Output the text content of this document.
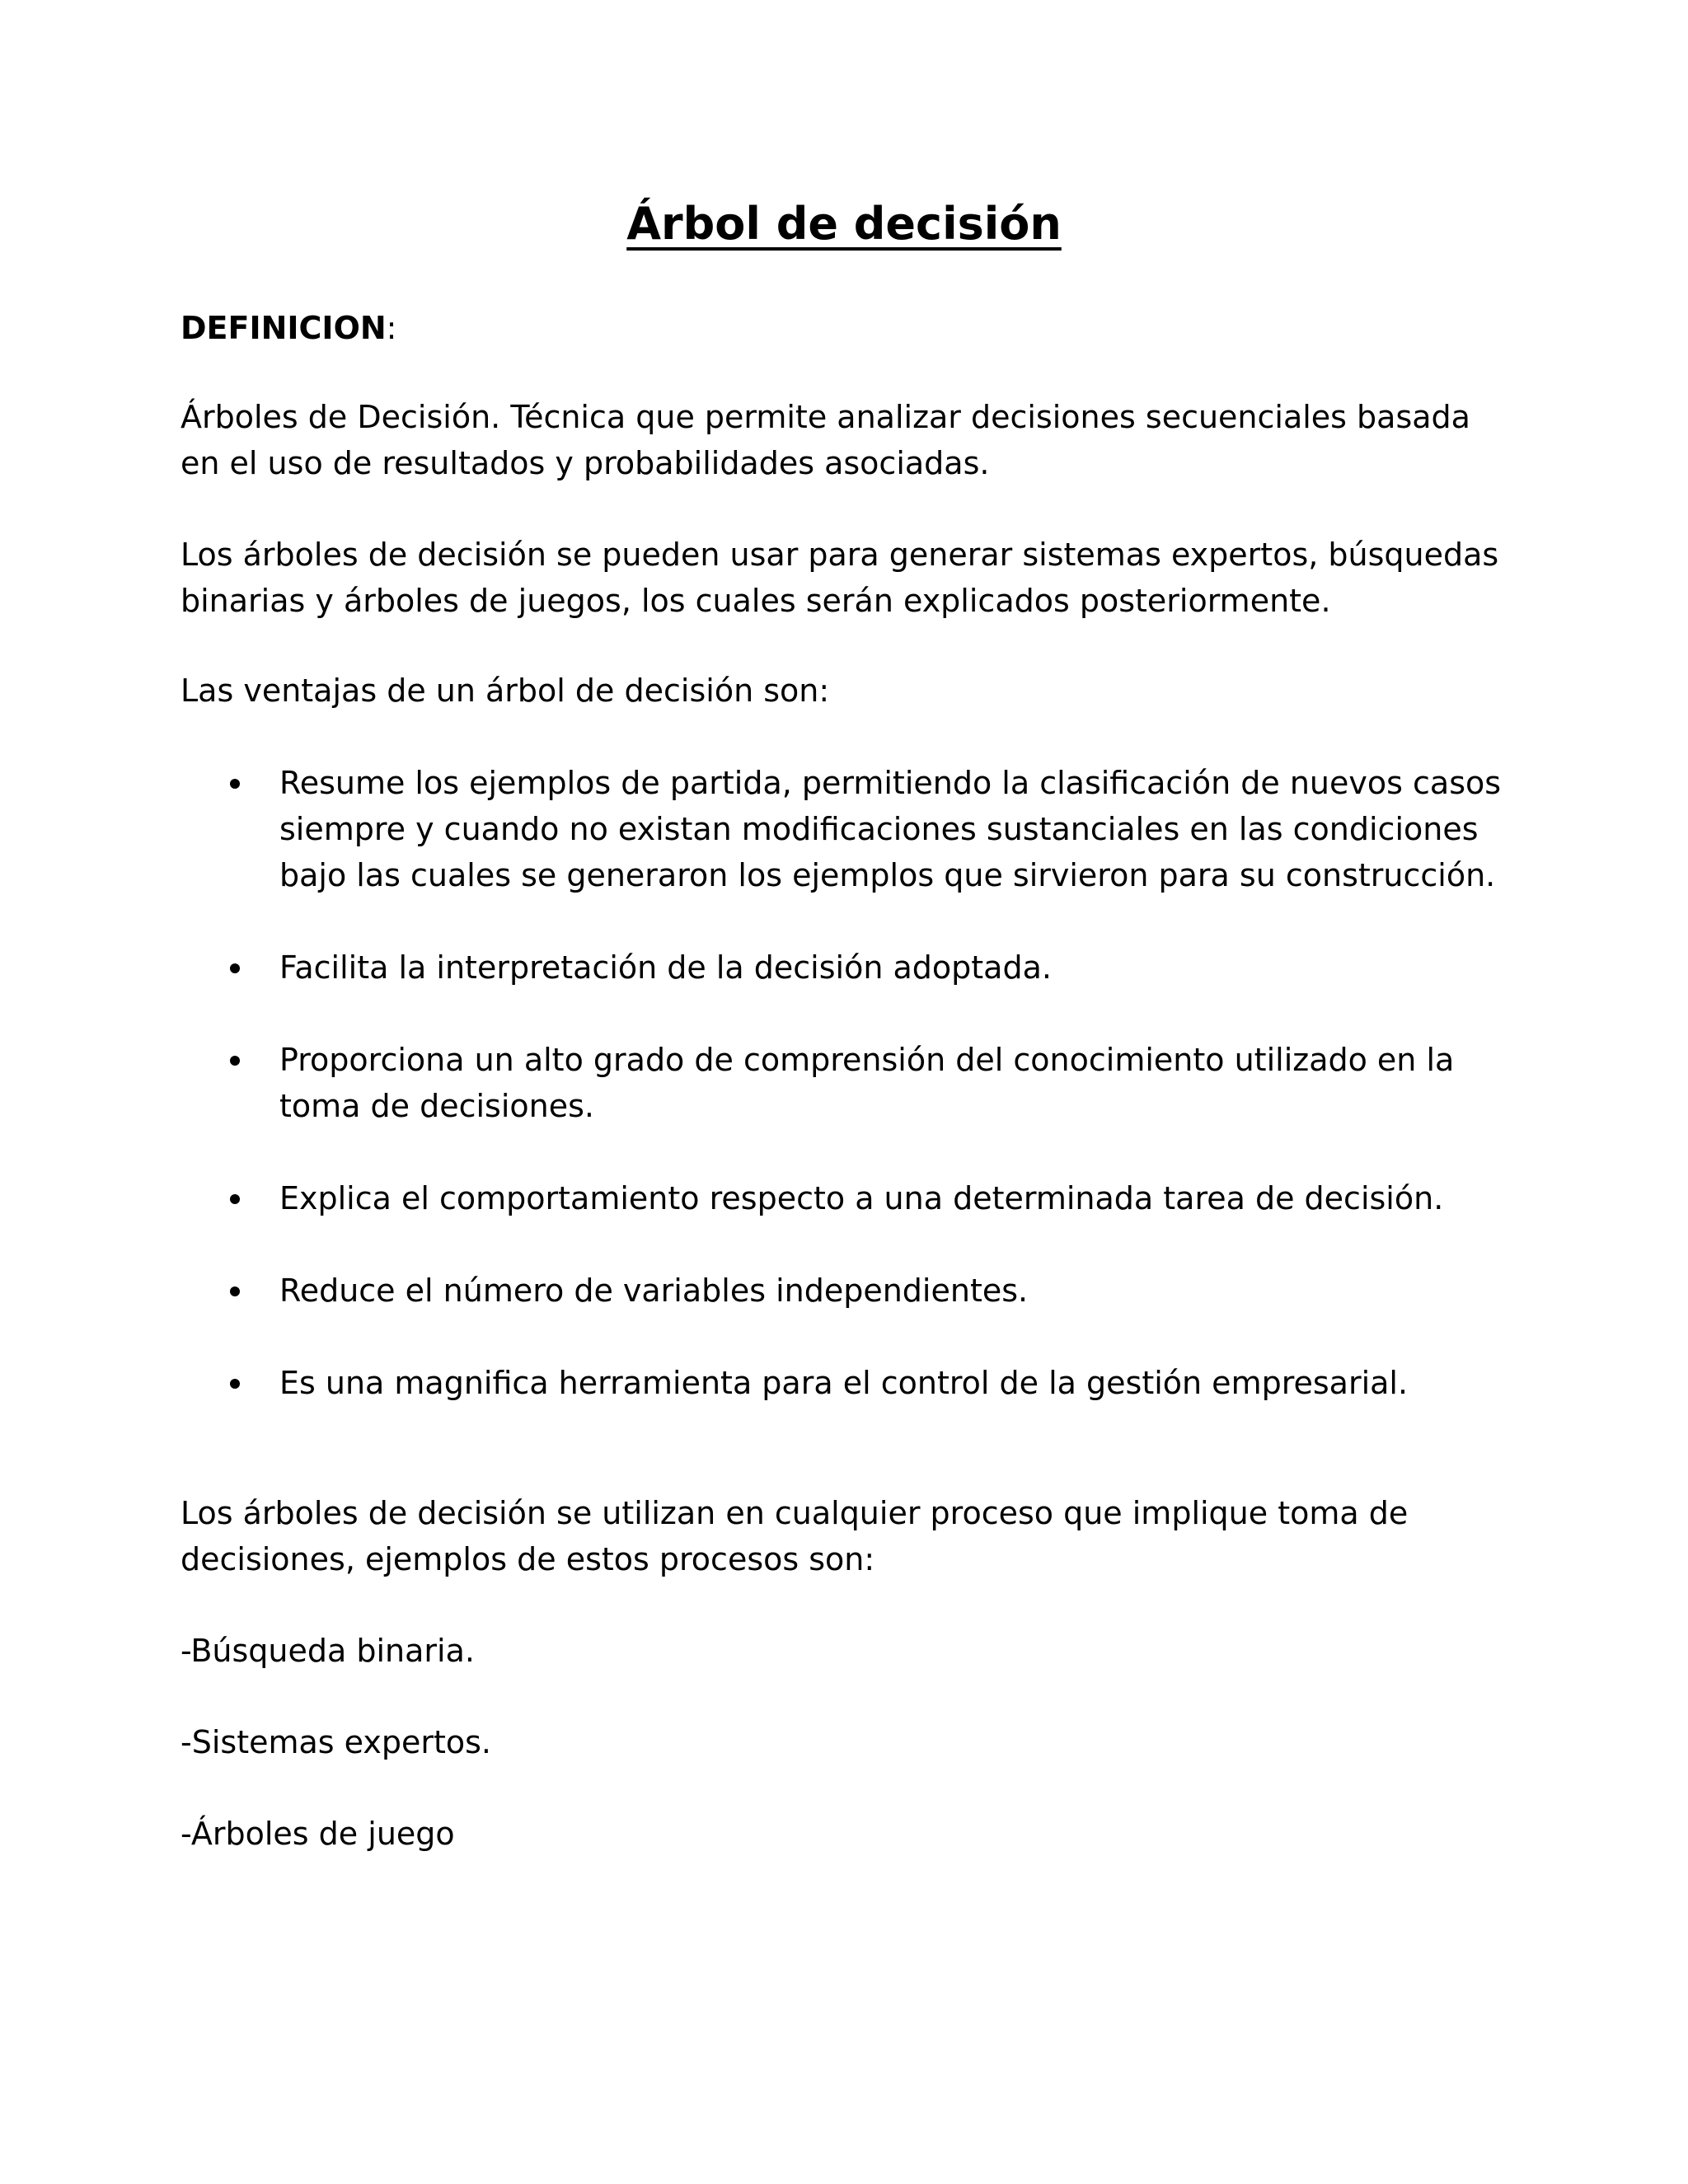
Árbol de decisión

DEFINICION:

Árboles de Decisión. Técnica que permite analizar decisiones secuenciales basada en el uso de resultados y probabilidades asociadas.

Los árboles de decisión se pueden usar para generar sistemas expertos, búsquedas binarias y árboles de juegos, los cuales serán explicados posteriormente.

Las ventajas de un árbol de decisión son:

Resume los ejemplos de partida, permitiendo la clasificación de nuevos casos siempre y cuando no existan modificaciones sustanciales en las condiciones bajo las cuales se generaron los ejemplos que sirvieron para su construcción.
Facilita la interpretación de la decisión adoptada.
Proporciona un alto grado de comprensión del conocimiento utilizado en la toma de decisiones.
Explica el comportamiento respecto a una determinada tarea de decisión.
Reduce el número de variables independientes.
Es una magnifica herramienta para el control de la gestión empresarial.

Los árboles de decisión se utilizan en cualquier proceso que implique toma de decisiones, ejemplos de estos procesos son:

-Búsqueda binaria.

-Sistemas expertos.

-Árboles de juego
